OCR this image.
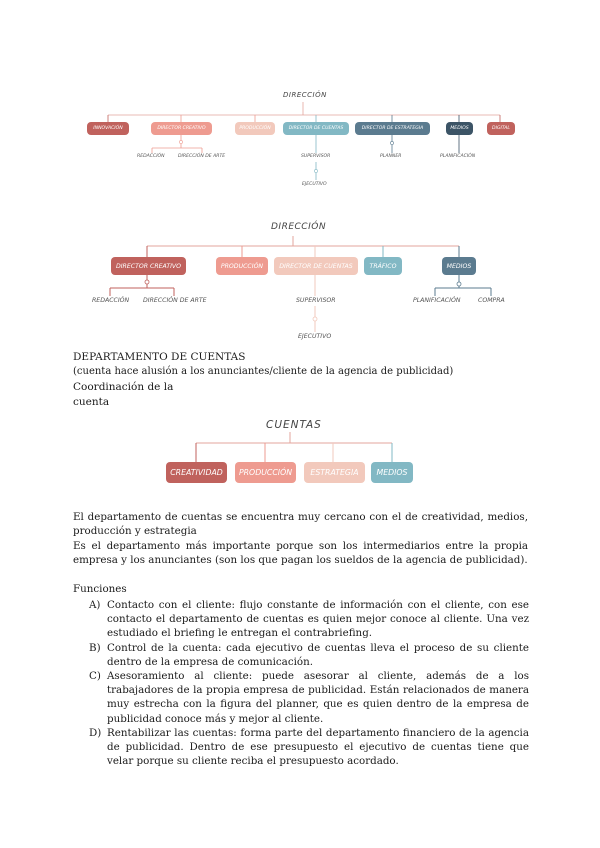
DIRECCIÓN
INNOVACIÓN	DIRECTOR CREATIVO	PRODUCCIÓN	DIRECTOR DE CUENTAS	DIRECTOR DE ESTRATEGIA	MEDIOS	DIGITAL
REDACCIÓN	DIRECCIÓN DE ARTE	SUPERVISOR	PLANNER	PLANIFICACIÓN
EJECUTIVO
DIRECCIÓN
DIRECTOR CREATIVO	PRODUCCIÓN	DIRECTOR DE CUENTAS	TRÁFICO	MEDIOS
REDACCIÓN DIRECCIÓN DE ARTE	SUPERVISOR	PLANIFICACIÓN	COMPRA
EJECUTIVO
DEPARTAMENTO DE CUENTAS
(cuenta hace alusión a los anunciantes/cliente de la agencia de publicidad)
Coordinación de la
cuenta
CUENTAS
CREATIVIDAD	PRODUCCIÓN	ESTRATEGIA	MEDIOS
El departamento de cuentas se encuentra muy cercano con el de creatividad, medios, producción y estrategia
Es el departamento más importante porque son los intermediarios entre la propia empresa y los anunciantes (son los que pagan los sueldos de la agencia de publicidad).
Funciones

A) Contacto con el cliente: flujo constante de información con el cliente, con ese contacto el departamento de cuentas es quien mejor conoce al cliente. Una vez estudiado el briefing le entregan el contrabriefing.

B) Control de la cuenta: cada ejecutivo de cuentas lleva el proceso de su cliente dentro de la empresa de comunicación.

C) Asesoramiento al cliente: puede asesorar al cliente, además de a los trabajadores de la propia empresa de publicidad. Están relacionados de manera muy estrecha con la figura del planner, que es quien dentro de la empresa de publicidad conoce más y mejor al cliente.

D) Rentabilizar las cuentas: forma parte del departamento financiero de la agencia de publicidad. Dentro de ese presupuesto el ejecutivo de cuentas tiene que velar porque su cliente reciba el presupuesto acordado.
